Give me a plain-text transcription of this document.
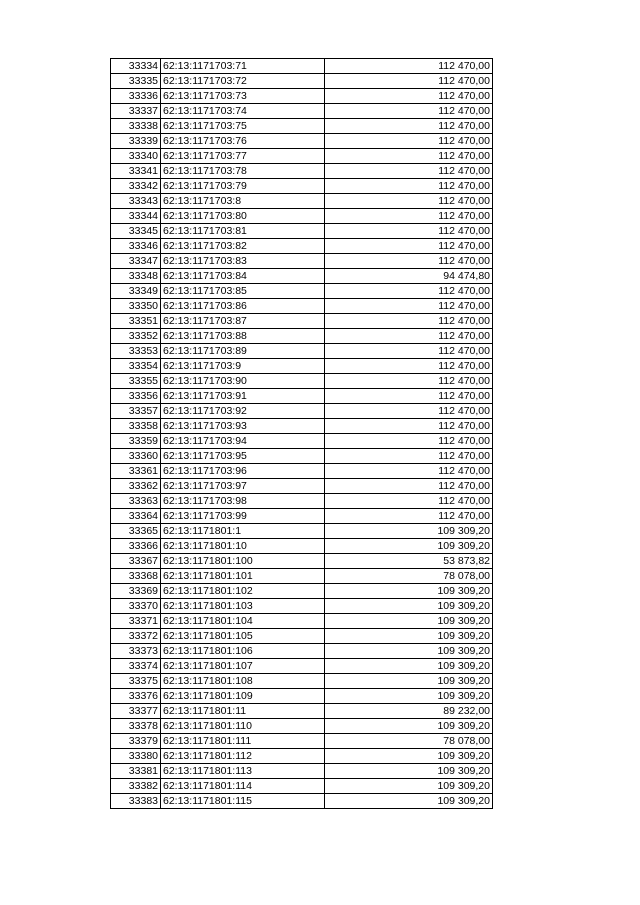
33334	62:13:1171703:71	112 470,00
33335	62:13:1171703:72	112 470,00
33336	62:13:1171703:73	112 470,00
33337	62:13:1171703:74	112 470,00
33338	62:13:1171703:75	112 470,00
33339	62:13:1171703:76	112 470,00
33340	62:13:1171703:77	112 470,00
33341	62:13:1171703:78	112 470,00
33342	62:13:1171703:79	112 470,00
33343	62:13:1171703:8	112 470,00
33344	62:13:1171703:80	112 470,00
33345	62:13:1171703:81	112 470,00
33346	62:13:1171703:82	112 470,00
33347	62:13:1171703:83	112 470,00
33348	62:13:1171703:84	94 474,80
33349	62:13:1171703:85	112 470,00
33350	62:13:1171703:86	112 470,00
33351	62:13:1171703:87	112 470,00
33352	62:13:1171703:88	112 470,00
33353	62:13:1171703:89	112 470,00
33354	62:13:1171703:9	112 470,00
33355	62:13:1171703:90	112 470,00
33356	62:13:1171703:91	112 470,00
33357	62:13:1171703:92	112 470,00
33358	62:13:1171703:93	112 470,00
33359	62:13:1171703:94	112 470,00
33360	62:13:1171703:95	112 470,00
33361	62:13:1171703:96	112 470,00
33362	62:13:1171703:97	112 470,00
33363	62:13:1171703:98	112 470,00
33364	62:13:1171703:99	112 470,00
33365	62:13:1171801:1	109 309,20
33366	62:13:1171801:10	109 309,20
33367	62:13:1171801:100	53 873,82
33368	62:13:1171801:101	78 078,00
33369	62:13:1171801:102	109 309,20
33370	62:13:1171801:103	109 309,20
33371	62:13:1171801:104	109 309,20
33372	62:13:1171801:105	109 309,20
33373	62:13:1171801:106	109 309,20
33374	62:13:1171801:107	109 309,20
33375	62:13:1171801:108	109 309,20
33376	62:13:1171801:109	109 309,20
33377	62:13:1171801:11	89 232,00
33378	62:13:1171801:110	109 309,20
33379	62:13:1171801:111	78 078,00
33380	62:13:1171801:112	109 309,20
33381	62:13:1171801:113	109 309,20
33382	62:13:1171801:114	109 309,20
33383	62:13:1171801:115	109 309,20
